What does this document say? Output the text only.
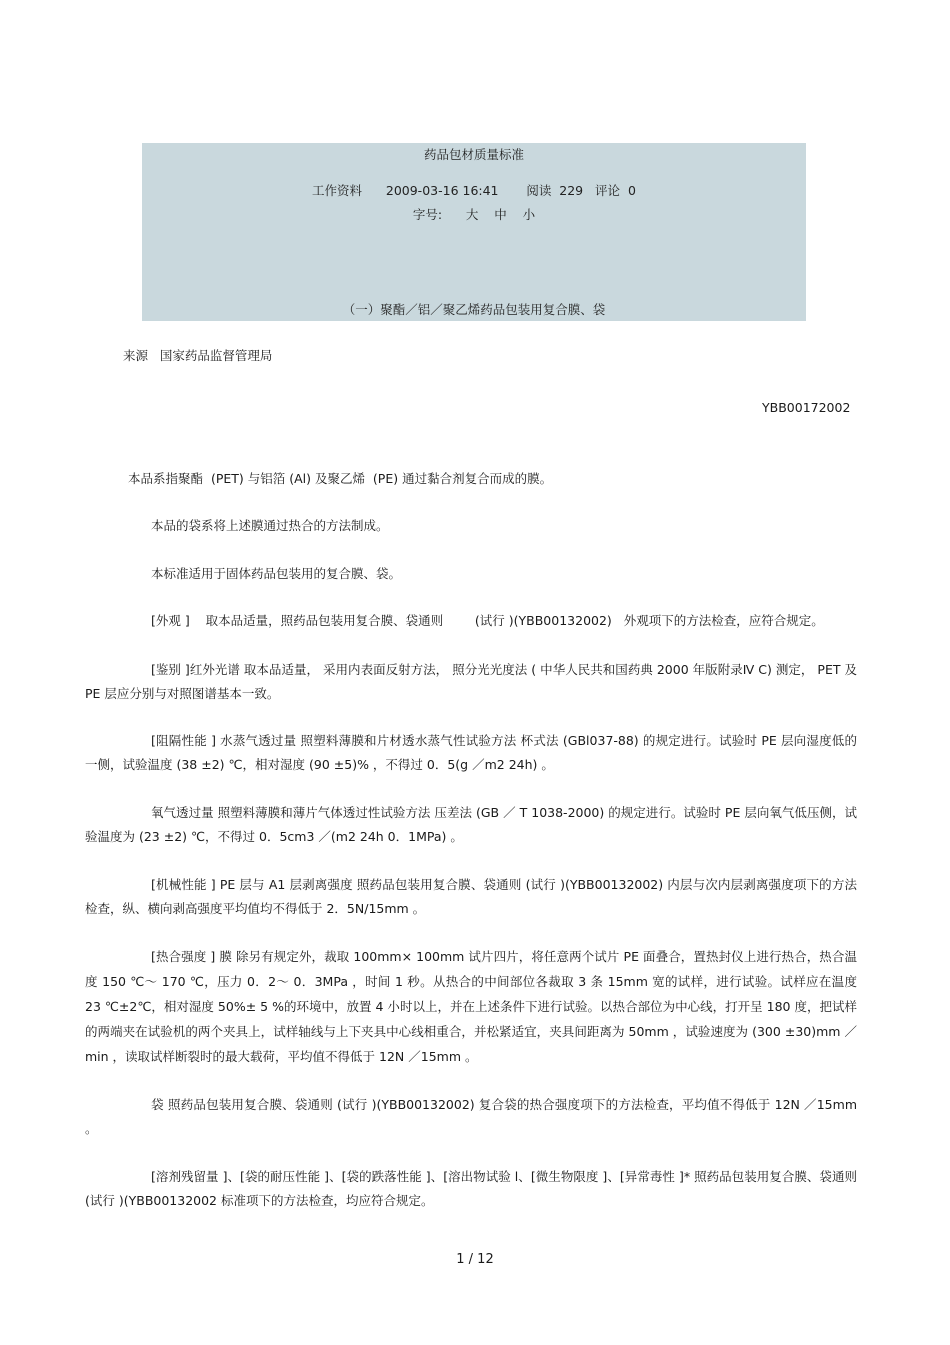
药品包材质量标准
工作资料      2009-03-16 16:41       阅读  229   评论  0
字号:      大    中    小
（一）聚酯／铝／聚乙烯药品包装用复合膜、袋
来源   国家药品监督管理局
YBB00172002
本品系指聚酯  (PET) 与铝箔 (Al) 及聚乙烯  (PE) 通过黏合剂复合而成的膜。
本品的袋系将上述膜通过热合的方法制成。
本标准适用于固体药品包装用的复合膜、袋。
[外观 ]    取本品适量，照药品包装用复合膜、袋通则        (试行 )(YBB00132002)   外观项下的方法检查，应符合规定。
[鉴别 ]红外光谱 取本品适量， 采用内表面反射方法， 照分光光度法 ( 中华人民共和国药典 2000 年版附录Ⅳ C) 测定， PET 及 PE 层应分别与对照图谱基本一致。
[阻隔性能 ] 水蒸气透过量 照塑料薄膜和片材透水蒸气性试验方法 杯式法 (GBl037-88) 的规定进行。试验时 PE 层向湿度低的一侧，试验温度 (38 ±2) ℃，相对湿度 (90 ±5)% ，不得过 0．5(g ／m2 24h) 。
氧气透过量 照塑料薄膜和薄片气体透过性试验方法 压差法 (GB ／ T 1038-2000) 的规定进行。试验时 PE 层向氧气低压侧，试验温度为 (23 ±2) ℃，不得过 0．5cm3 ／(m2 24h 0．1MPa) 。
[机械性能 ] PE 层与 A1 层剥离强度 照药品包装用复合膜、袋通则 (试行 )(YBB00132002) 内层与次内层剥离强度项下的方法检查，纵、横向剥高强度平均值均不得低于 2．5N/15mm 。
[热合强度 ] 膜 除另有规定外，裁取 100mm× 100mm 试片四片，将任意两个试片 PE 面叠合，置热封仪上进行热合，热合温度 150 ℃～ 170 ℃，压力 0．2～ 0．3MPa ，时间 1 秒。从热合的中间部位各裁取 3 条 15mm 宽的试样，进行试验。试样应在温度 23 ℃±2℃，相对湿度 50%± 5 %的环境中，放置 4 小时以上，并在上述条件下进行试验。以热合部位为中心线，打开呈 180 度，把试样的两端夹在试验机的两个夹具上，试样轴线与上下夹具中心线相重合，并松紧适宜，夹具间距离为 50mm ，试验速度为 (300 ±30)mm ／ min ，读取试样断裂时的最大载荷，平均值不得低于 12N ／15mm 。
袋 照药品包装用复合膜、袋通则 (试行 )(YBB00132002) 复合袋的热合强度项下的方法检查，平均值不得低于 12N ／15mm 。
[溶剂残留量 ]、[袋的耐压性能 ]、[袋的跌落性能 ]、[溶出物试验 l、[微生物限度 ]、[异常毒性 ]* 照药品包装用复合膜、袋通则 (试行 )(YBB00132002 标准项下的方法检查，均应符合规定。
1 / 12
